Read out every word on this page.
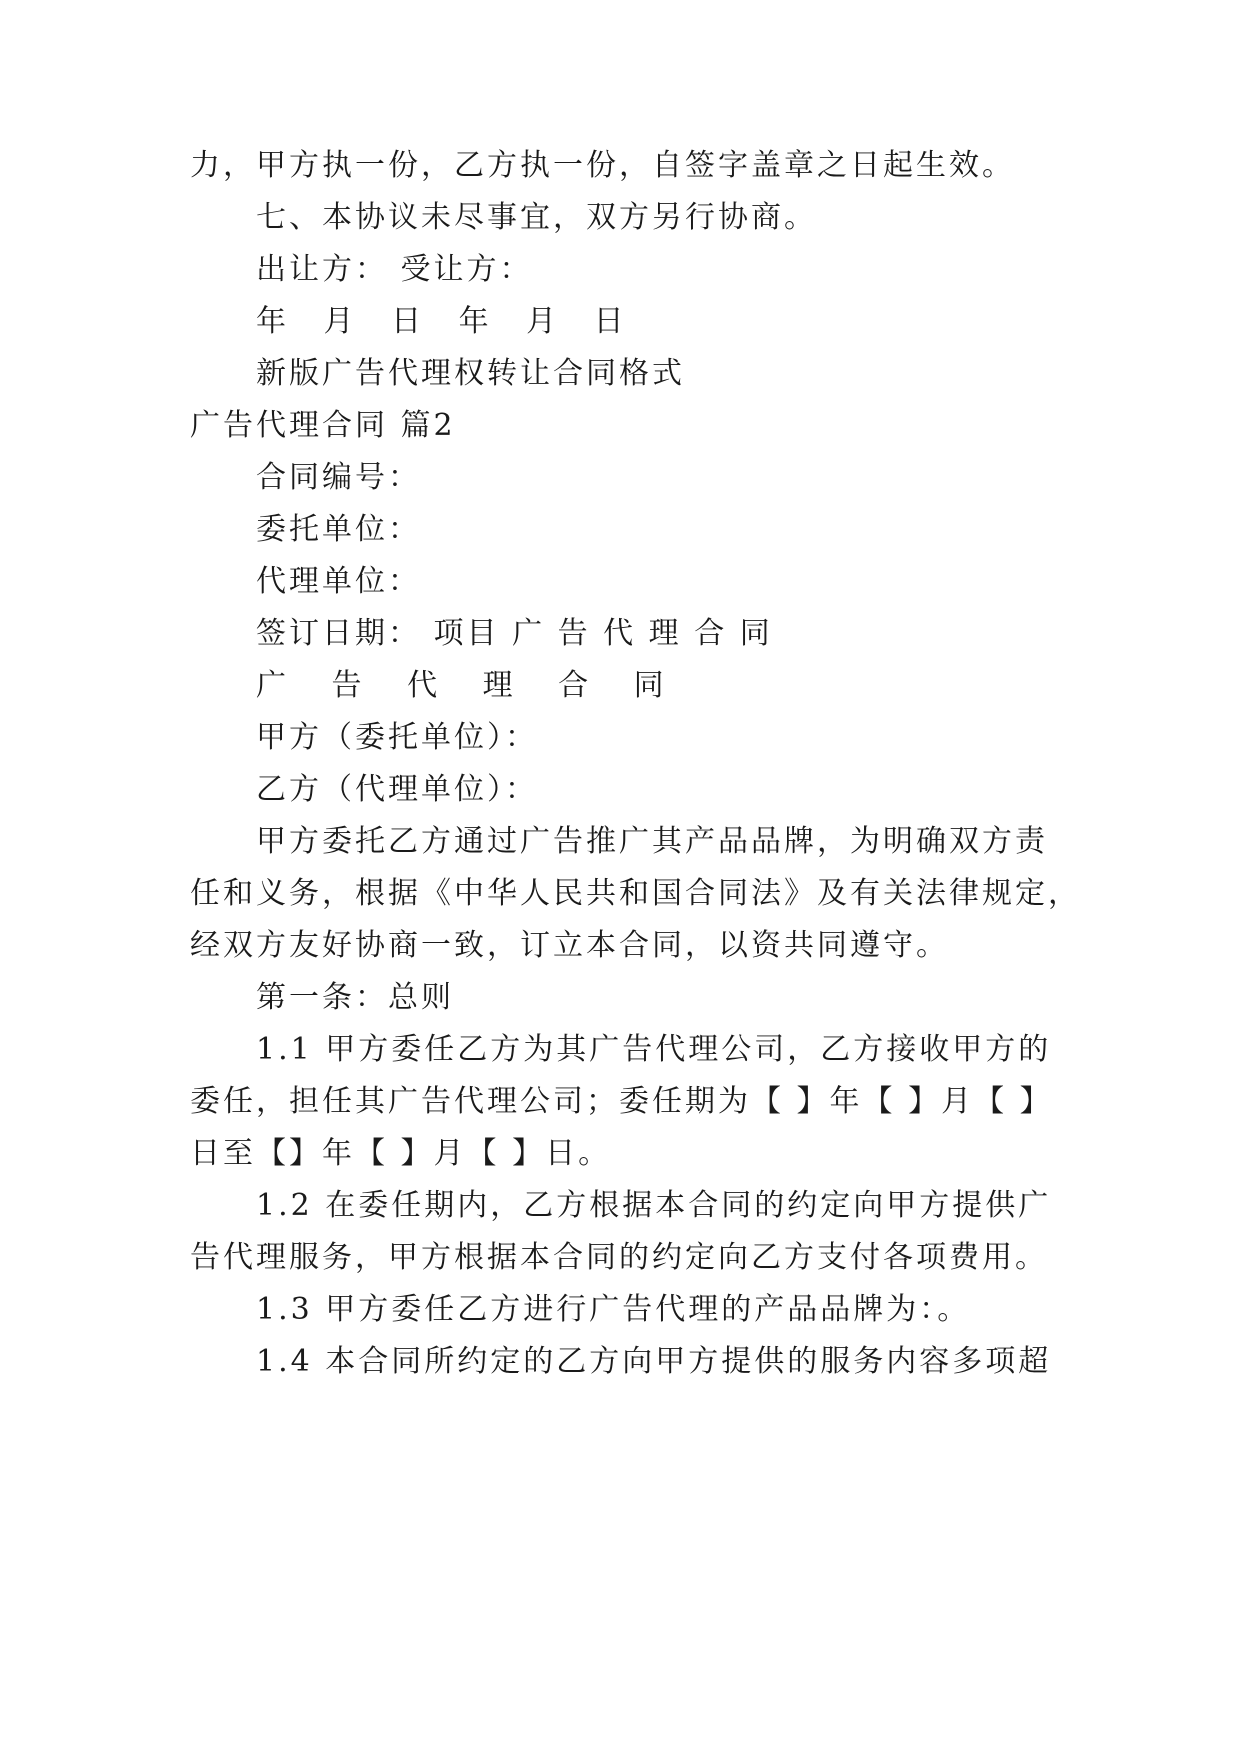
力，甲方执一份，乙方执一份，自签字盖章之日起生效。
七、本协议未尽事宜，双方另行协商。
出让方： 受让方：
年 月 日 年 月 日
新版广告代理权转让合同格式
广告代理合同 篇2
合同编号：
委托单位：
代理单位：
签订日期： 项目 广 告 代 理 合 同
广 告 代 理 合 同
甲方（委托单位）：
乙方（代理单位）：
甲方委托乙方通过广告推广其产品品牌，为明确双方责
任和义务，根据《中华人民共和国合同法》及有关法律规定，
经双方友好协商一致，订立本合同，以资共同遵守。
第一条：总则
1.1 甲方委任乙方为其广告代理公司，乙方接收甲方的
委任，担任其广告代理公司；委任期为【 】年【 】月【 】
日至【】年【 】月【 】日。
1.2 在委任期内，乙方根据本合同的约定向甲方提供广
告代理服务，甲方根据本合同的约定向乙方支付各项费用。
1.3 甲方委任乙方进行广告代理的产品品牌为：。
1.4 本合同所约定的乙方向甲方提供的服务内容多项超
